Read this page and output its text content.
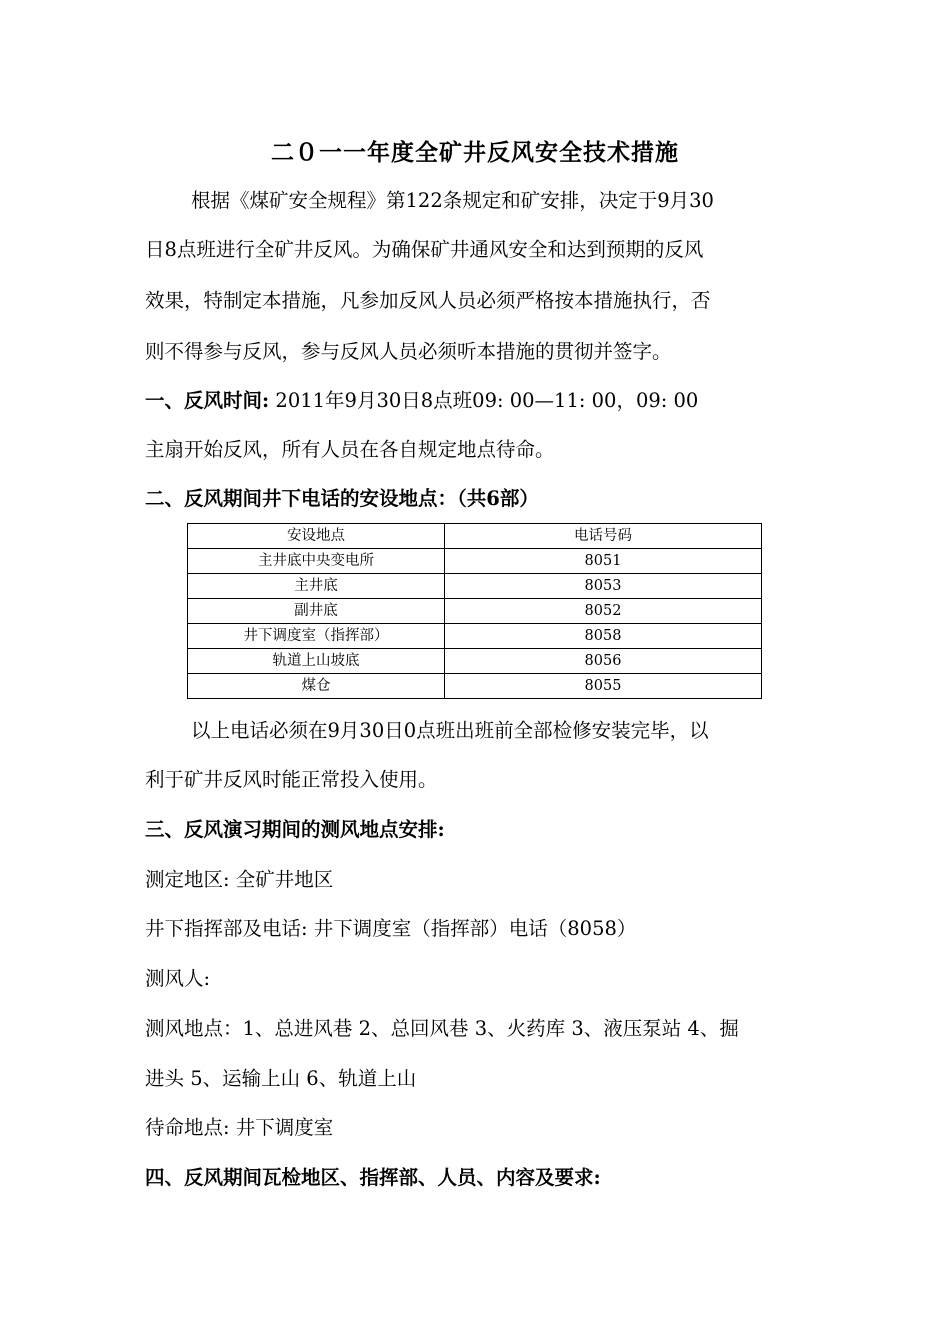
二０一一年度全矿井反风安全技术措施
根据《煤矿安全规程》第122条规定和矿安排，决定于9月30
日8点班进行全矿井反风。为确保矿井通风安全和达到预期的反风
效果，特制定本措施，凡参加反风人员必须严格按本措施执行，否
则不得参与反风，参与反风人员必须听本措施的贯彻并签字。
一、反风时间: 2011年9月30日8点班09: 00—11: 00，09: 00
主扇开始反风，所有人员在各自规定地点待命。
二、反风期间井下电话的安设地点：（共6部）
安设地点	电话号码
主井底中央变电所	8051
主井底	8053
副井底	8052
井下调度室（指挥部）	8058
轨道上山坡底	8056
煤仓	8055
以上电话必须在9月30日0点班出班前全部检修安装完毕，以
利于矿井反风时能正常投入使用。
三、反风演习期间的测风地点安排:
测定地区: 全矿井地区
井下指挥部及电话: 井下调度室（指挥部）电话（8058）
测风人:
测风地点：1、总进风巷 2、总回风巷 3、火药库 3、液压泵站 4、掘
进头 5、运输上山 6、轨道上山
待命地点: 井下调度室
四、反风期间瓦检地区、指挥部、人员、内容及要求:
